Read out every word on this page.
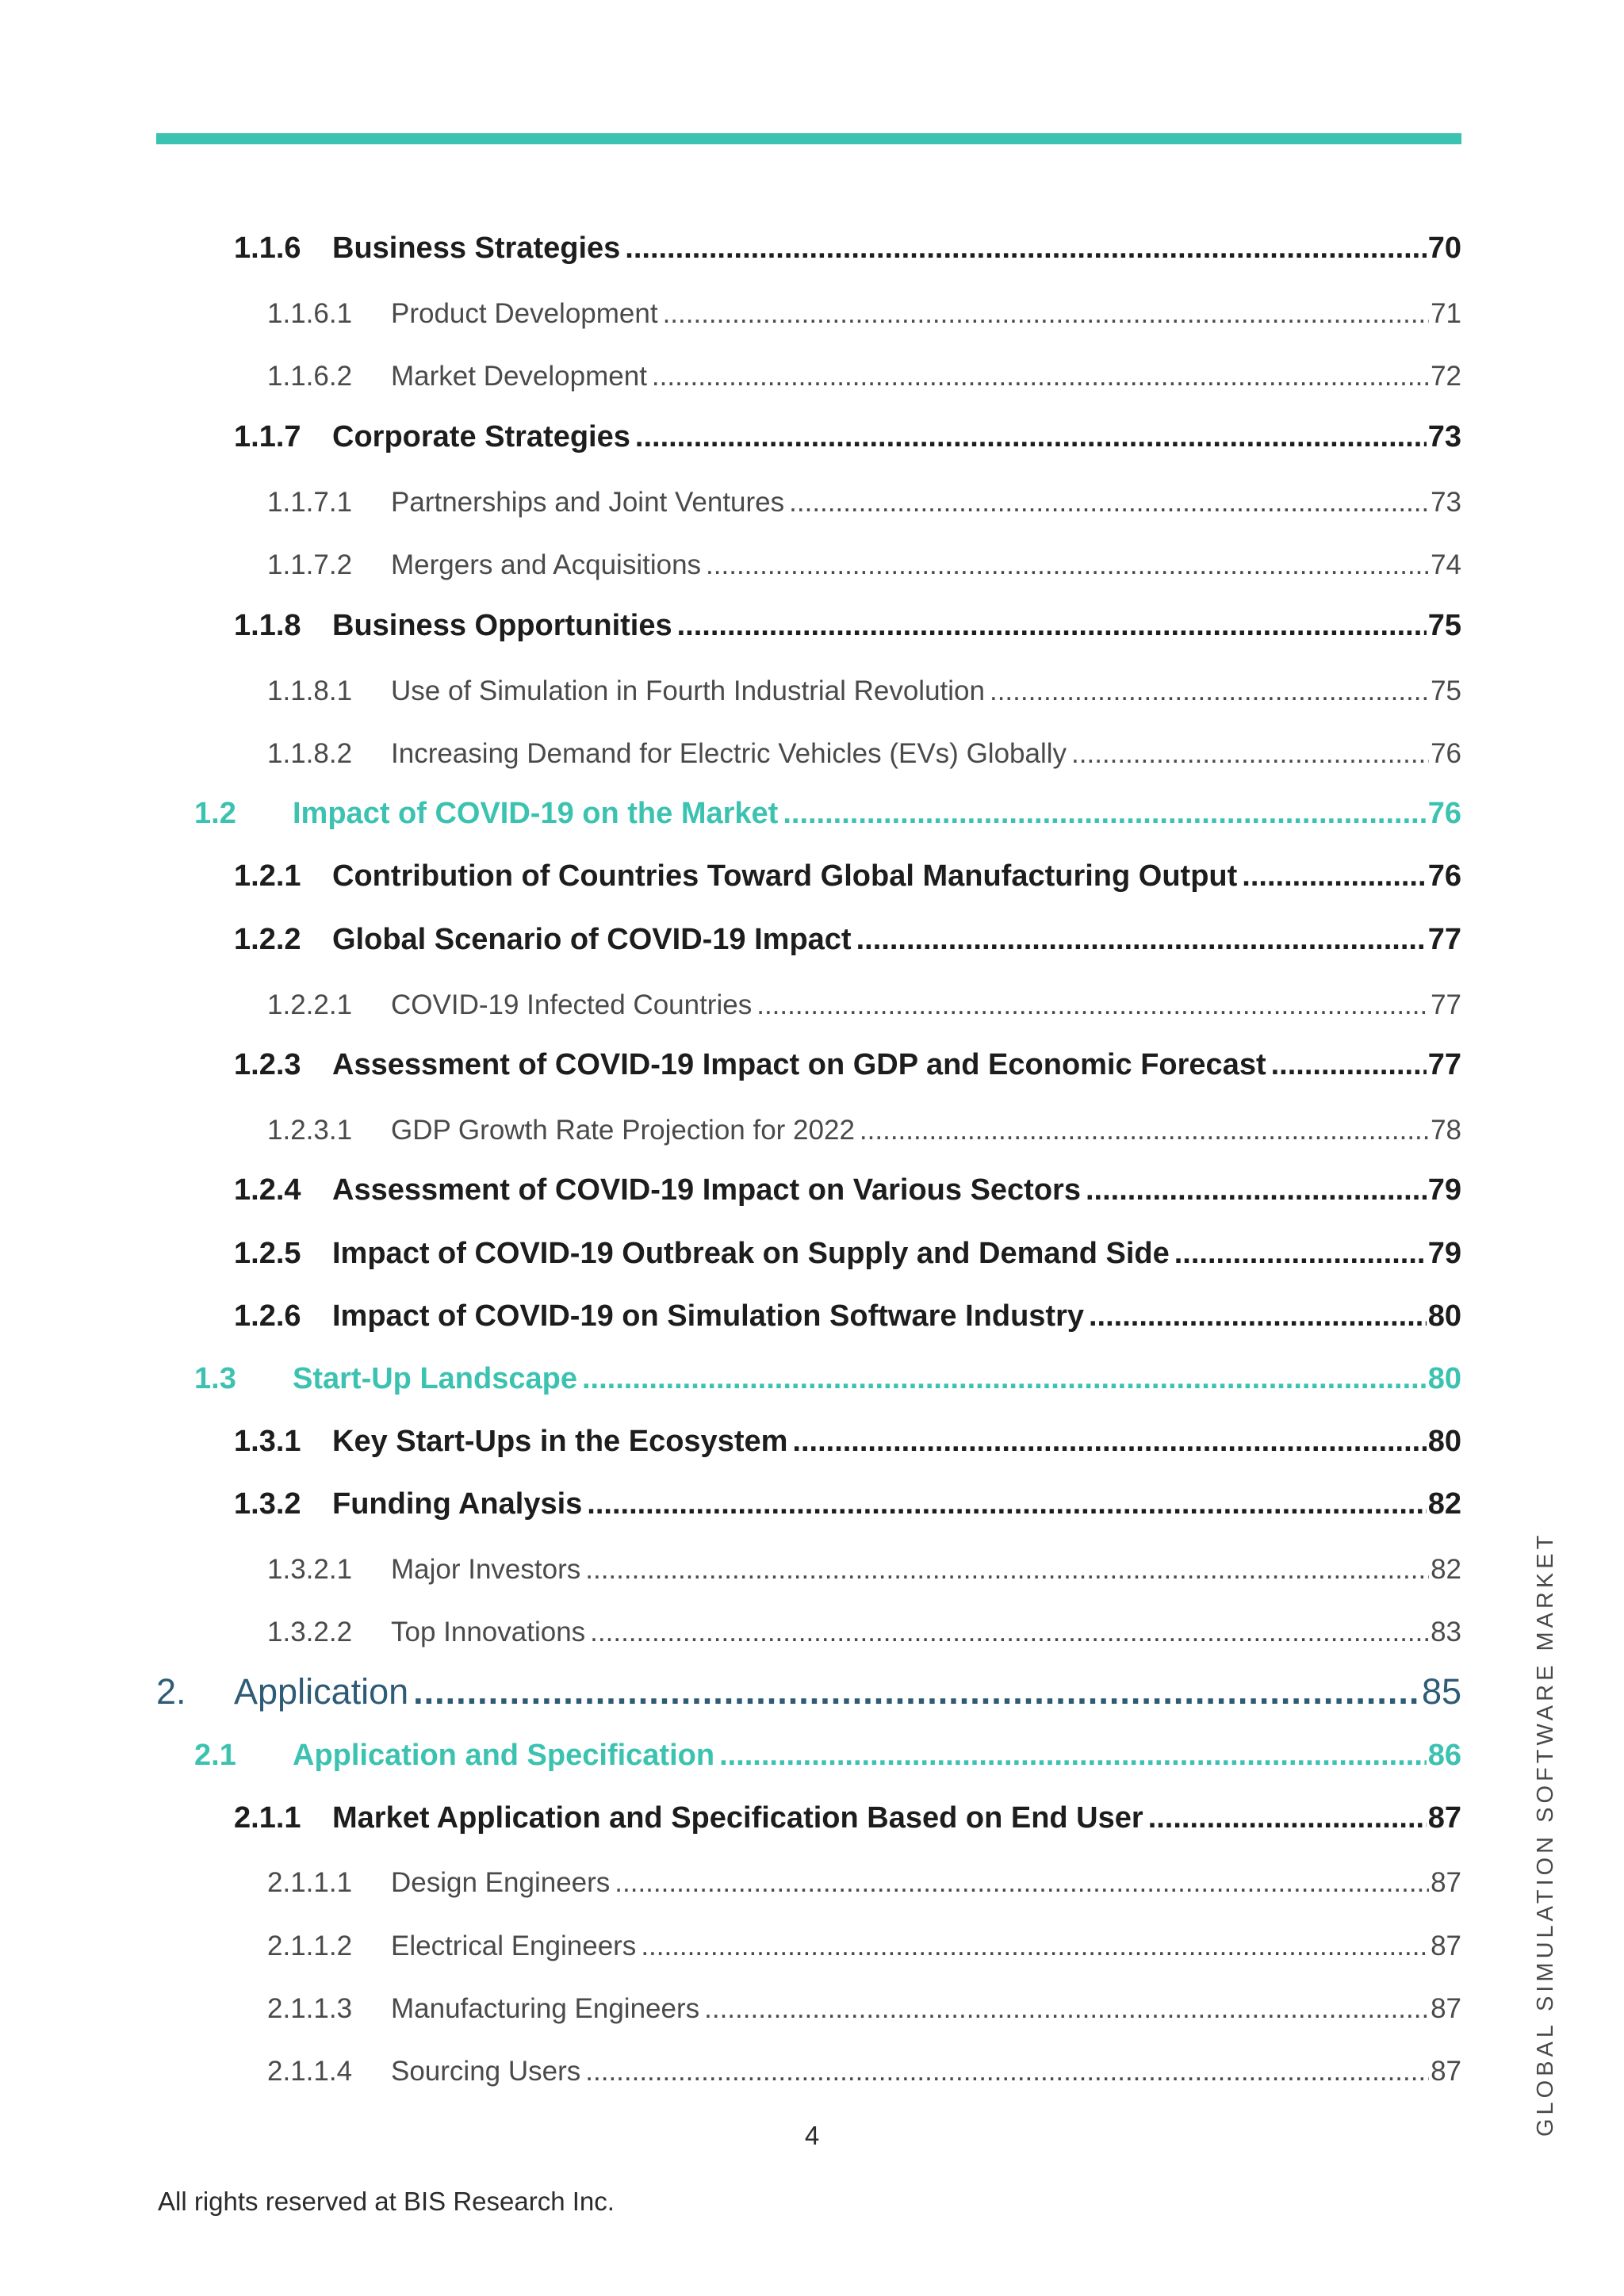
1.1.6	Business Strategies .....	70
1.1.6.1	Product Development .....	71
1.1.6.2	Market Development .....	72
1.1.7	Corporate Strategies .....	73
1.1.7.1	Partnerships and Joint Ventures .....	73
1.1.7.2	Mergers and Acquisitions .....	74
1.1.8	Business Opportunities .....	75
1.1.8.1	Use of Simulation in Fourth Industrial Revolution .....	75
1.1.8.2	Increasing Demand for Electric Vehicles (EVs) Globally .....	76
1.2	Impact of COVID-19 on the Market .....	76
1.2.1	Contribution of Countries Toward Global Manufacturing Output .....	76
1.2.2	Global Scenario of COVID-19 Impact .....	77
1.2.2.1	COVID-19 Infected Countries .....	77
1.2.3	Assessment of COVID-19 Impact on GDP and Economic Forecast .....	77
1.2.3.1	GDP Growth Rate Projection for 2022 .....	78
1.2.4	Assessment of COVID-19 Impact on Various Sectors .....	79
1.2.5	Impact of COVID-19 Outbreak on Supply and Demand Side .....	79
1.2.6	Impact of COVID-19 on Simulation Software Industry .....	80
1.3	Start-Up Landscape .....	80
1.3.1	Key Start-Ups in the Ecosystem .....	80
1.3.2	Funding Analysis .....	82
1.3.2.1	Major Investors .....	82
1.3.2.2	Top Innovations .....	83
2.	Application .....	85
2.1	Application and Specification .....	86
2.1.1	Market Application and Specification Based on End User .....	87
2.1.1.1	Design Engineers .....	87
2.1.1.2	Electrical Engineers .....	87
2.1.1.3	Manufacturing Engineers .....	87
2.1.1.4	Sourcing Users .....	87	GLOBAL SIMULATION SOFTWARE MARKET
4
All rights reserved at BIS Research Inc.
